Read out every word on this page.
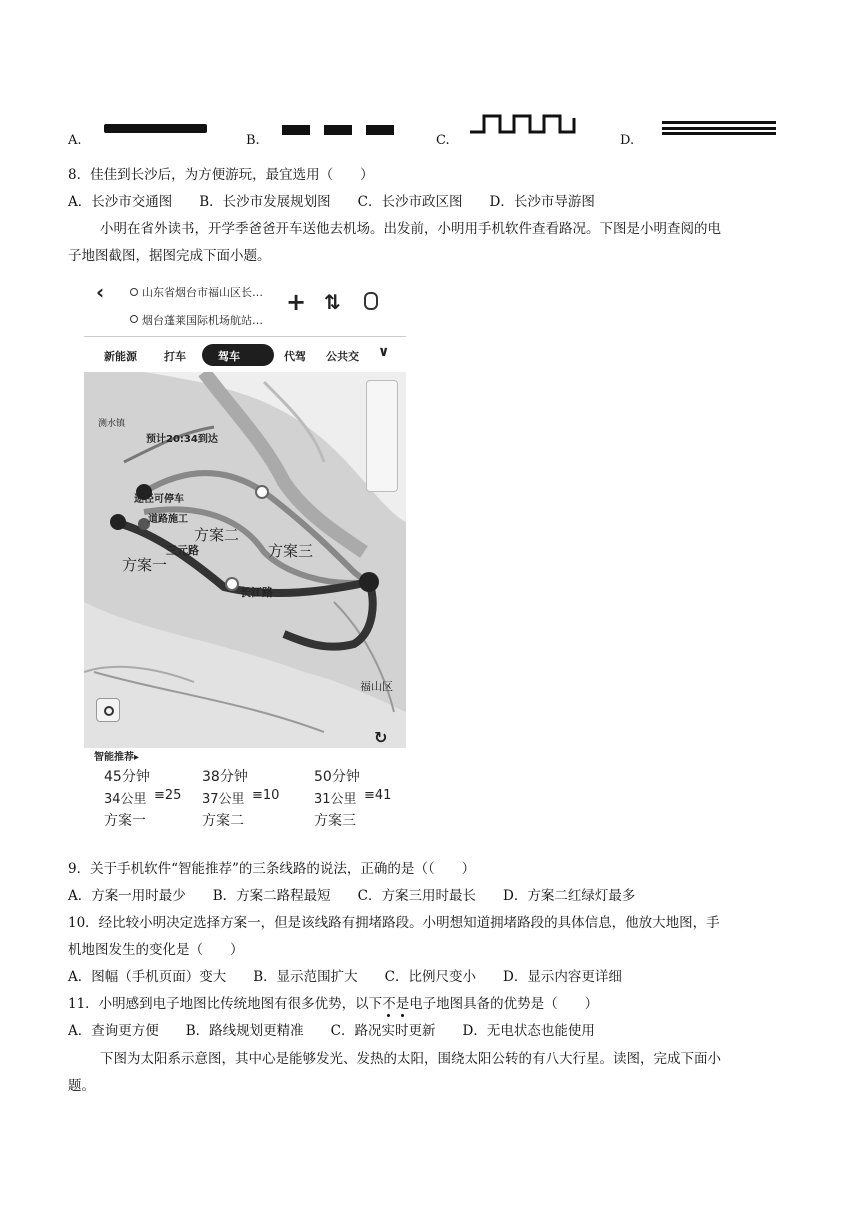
A.	B.	C.	D.
8．佳佳到长沙后，为方便游玩，最宜选用（　　）
A．长沙市交通图　　B．长沙市发展规划图　　C．长沙市政区图　　D．长沙市导游图
小明在省外读书，开学季爸爸开车送他去机场。出发前，小明用手机软件查看路况。下图是小明查阅的电
子地图截图，据图完成下面小题。
‹	山东省烟台市福山区长…
烟台蓬莱国际机场航站…
+ ⇅
新能源 打车	驾车	代驾 公共交 ∨
测水镇
预计20:34到达
途径可停车
道路施工
方案一
方案二
方案三
三元路
长江路
福山区
↻
智能推荐▸
45分钟
34公里 ≡25
方案一
38分钟
37公里 ≡10
方案二
50分钟
31公里 ≡41
方案三
9．关于手机软件“智能推荐”的三条线路的说法，正确的是（（　　）
A．方案一用时最少　　B．方案二路程最短　　C．方案三用时最长　　D．方案二红绿灯最多
10．经比较小明决定选择方案一，但是该线路有拥堵路段。小明想知道拥堵路段的具体信息，他放大地图，手
机地图发生的变化是（　　）
A．图幅（手机页面）变大　　B．显示范围扩大　　C．比例尺变小　　D．显示内容更详细
11．小明感到电子地图比传统地图有很多优势，以下不是电子地图具备的优势是（　　）
A．查询更方便　　B．路线规划更精准　　C．路况实时更新　　D．无电状态也能使用
下图为太阳系示意图，其中心是能够发光、发热的太阳，围绕太阳公转的有八大行星。读图，完成下面小
题。
